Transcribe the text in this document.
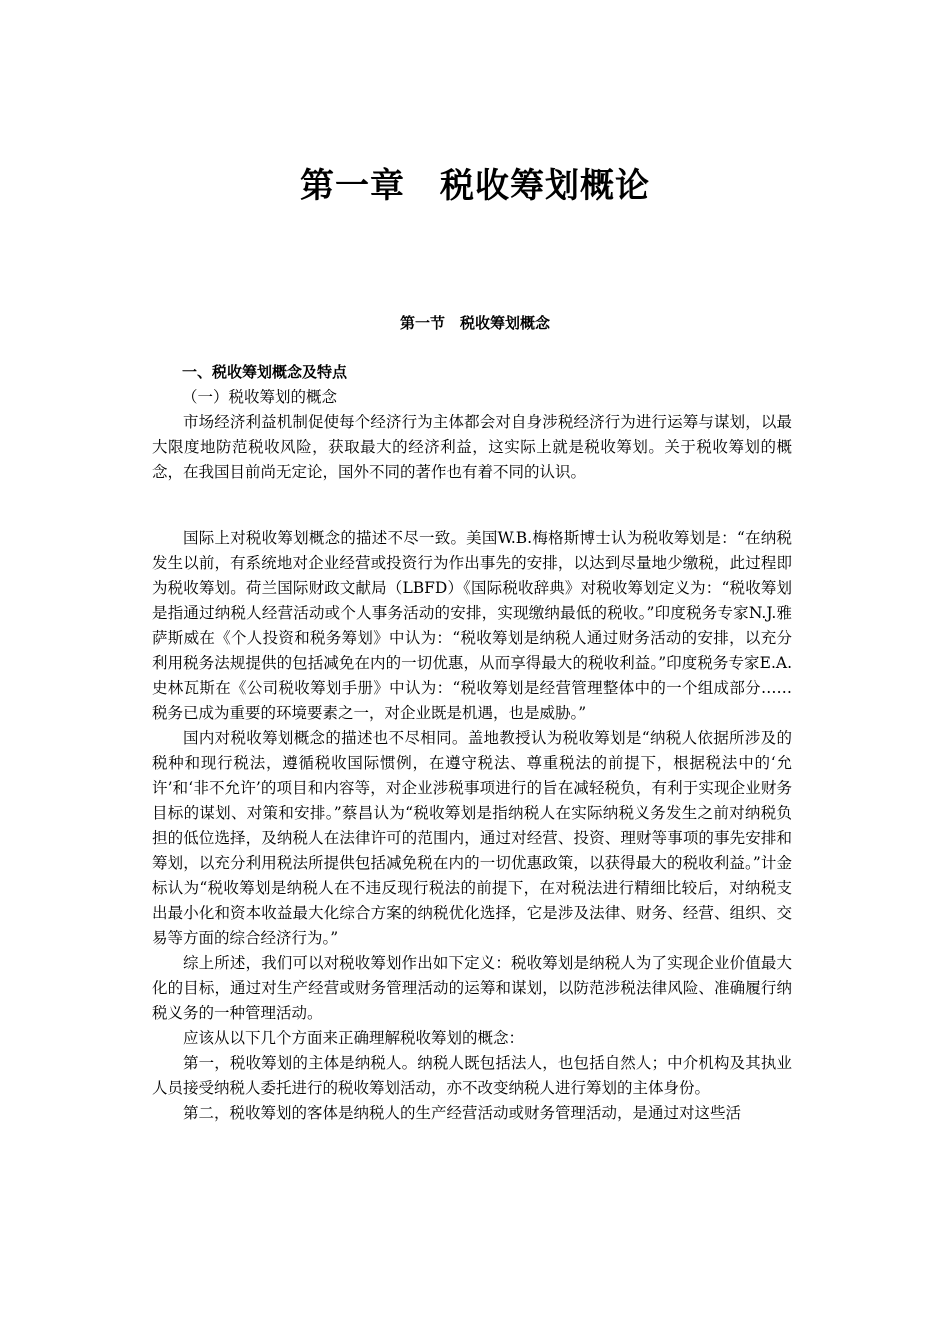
第一章　税收筹划概论
第一节　税收筹划概念
一、税收筹划概念及特点
（一）税收筹划的概念

市场经济利益机制促使每个经济行为主体都会对自身涉税经济行为进行运筹与谋划，以最大限度地防范税收风险，获取最大的经济利益，这实际上就是税收筹划。关于税收筹划的概念，在我国目前尚无定论，国外不同的著作也有着不同的认识。

国际上对税收筹划概念的描述不尽一致。美国W.B.梅格斯博士认为税收筹划是：“在纳税发生以前，有系统地对企业经营或投资行为作出事先的安排，以达到尽量地少缴税，此过程即为税收筹划。荷兰国际财政文献局（LBFD）《国际税收辞典》对税收筹划定义为：“税收筹划是指通过纳税人经营活动或个人事务活动的安排，实现缴纳最低的税收。”印度税务专家N.J.雅萨斯威在《个人投资和税务筹划》中认为：“税收筹划是纳税人通过财务活动的安排，以充分利用税务法规提供的包括减免在内的一切优惠，从而享得最大的税收利益。”印度税务专家E.A.史林瓦斯在《公司税收筹划手册》中认为：“税收筹划是经营管理整体中的一个组成部分……税务已成为重要的环境要素之一，对企业既是机遇，也是威胁。”

国内对税收筹划概念的描述也不尽相同。盖地教授认为税收筹划是“纳税人依据所涉及的税种和现行税法，遵循税收国际惯例，在遵守税法、尊重税法的前提下，根据税法中的‘允许’和‘非不允许’的项目和内容等，对企业涉税事项进行的旨在减轻税负，有利于实现企业财务目标的谋划、对策和安排。”蔡昌认为“税收筹划是指纳税人在实际纳税义务发生之前对纳税负担的低位选择，及纳税人在法律许可的范围内，通过对经营、投资、理财等事项的事先安排和筹划，以充分利用税法所提供包括减免税在内的一切优惠政策，以获得最大的税收利益。”计金标认为“税收筹划是纳税人在不违反现行税法的前提下，在对税法进行精细比较后，对纳税支出最小化和资本收益最大化综合方案的纳税优化选择，它是涉及法律、财务、经营、组织、交易等方面的综合经济行为。”

综上所述，我们可以对税收筹划作出如下定义：税收筹划是纳税人为了实现企业价值最大化的目标，通过对生产经营或财务管理活动的运筹和谋划，以防范涉税法律风险、准确履行纳税义务的一种管理活动。

应该从以下几个方面来正确理解税收筹划的概念：

第一，税收筹划的主体是纳税人。纳税人既包括法人，也包括自然人；中介机构及其执业人员接受纳税人委托进行的税收筹划活动，亦不改变纳税人进行筹划的主体身份。

第二，税收筹划的客体是纳税人的生产经营活动或财务管理活动，是通过对这些活
